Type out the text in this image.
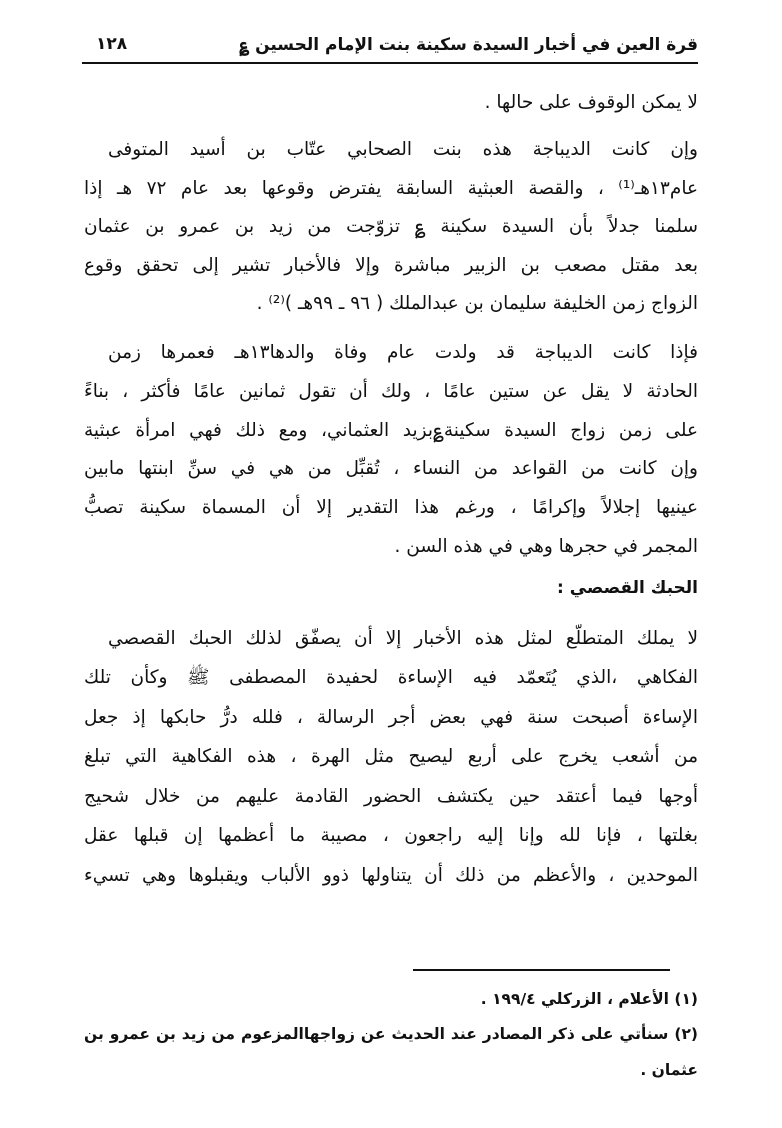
قرة العين في أخبار السيدة سكينة بنت الإمام الحسين ؏
١٢٨
لا يمكن الوقوف على حالها .
وإن كانت الديباجة هذه بنت الصحابي عتّاب بن أسيد المتوفى
عام١٣هـ⁽¹⁾ ، والقصة العبثية السابقة يفترض وقوعها بعد عام ٧٢ هـ إذا
سلمنا جدلاً بأن السيدة سكينة ؏ تزوّجت من زيد بن عمرو بن عثمان
بعد مقتل مصعب بن الزبير مباشرة وإلا فالأخبار تشير إلى تحقق وقوع
الزواج زمن الخليفة سليمان بن عبدالملك ( ٩٦ ـ ٩٩هـ )⁽²⁾ .
فإذا كانت الديباجة قد ولدت عام وفاة والدها١٣هـ فعمرها زمن
الحادثة لا يقل عن ستين عامًا ، ولك أن تقول ثمانين عامًا فأكثر ، بناءً
على زمن زواج السيدة سكينة؏بزيد العثماني، ومع ذلك فهي امرأة عبثية
وإن كانت من القواعد من النساء ، تُقبِّل من هي في سنِّ ابنتها مابين
عينيها إجلالاً وإكرامًا ، ورغم هذا التقدير إلا أن المسماة سكينة تصبُّ
المجمر في حجرها وهي في هذه السن .
الحبك القصصي :
لا يملك المتطلّع لمثل هذه الأخبار إلا أن يصفّق لذلك الحبك القصصي
الفكاهي ،الذي يُتَعمّد فيه الإساءة لحفيدة المصطفى ﷺ وكأن تلك
الإساءة أصبحت سنة فهي بعض أجر الرسالة ، فلله درُّ حابكها إذ جعل
من أشعب يخرج على أربع ليصيح مثل الهرة ، هذه الفكاهية التي تبلغ
أوجها فيما أعتقد حين يكتشف الحضور القادمة عليهم من خلال شحيج
بغلتها ، فإنا لله وإنا إليه راجعون ، مصيبة ما أعظمها إن قبلها عقل
الموحدين ، والأعظم من ذلك أن يتناولها ذوو الألباب ويقبلوها وهي تسيء
(١) الأعلام ، الزركلي ١٩٩/٤ .
(٢) سنأتي على ذكر المصادر عند الحديث عن زواجهاالمزعوم من زيد بن عمرو بن
عثمان .
